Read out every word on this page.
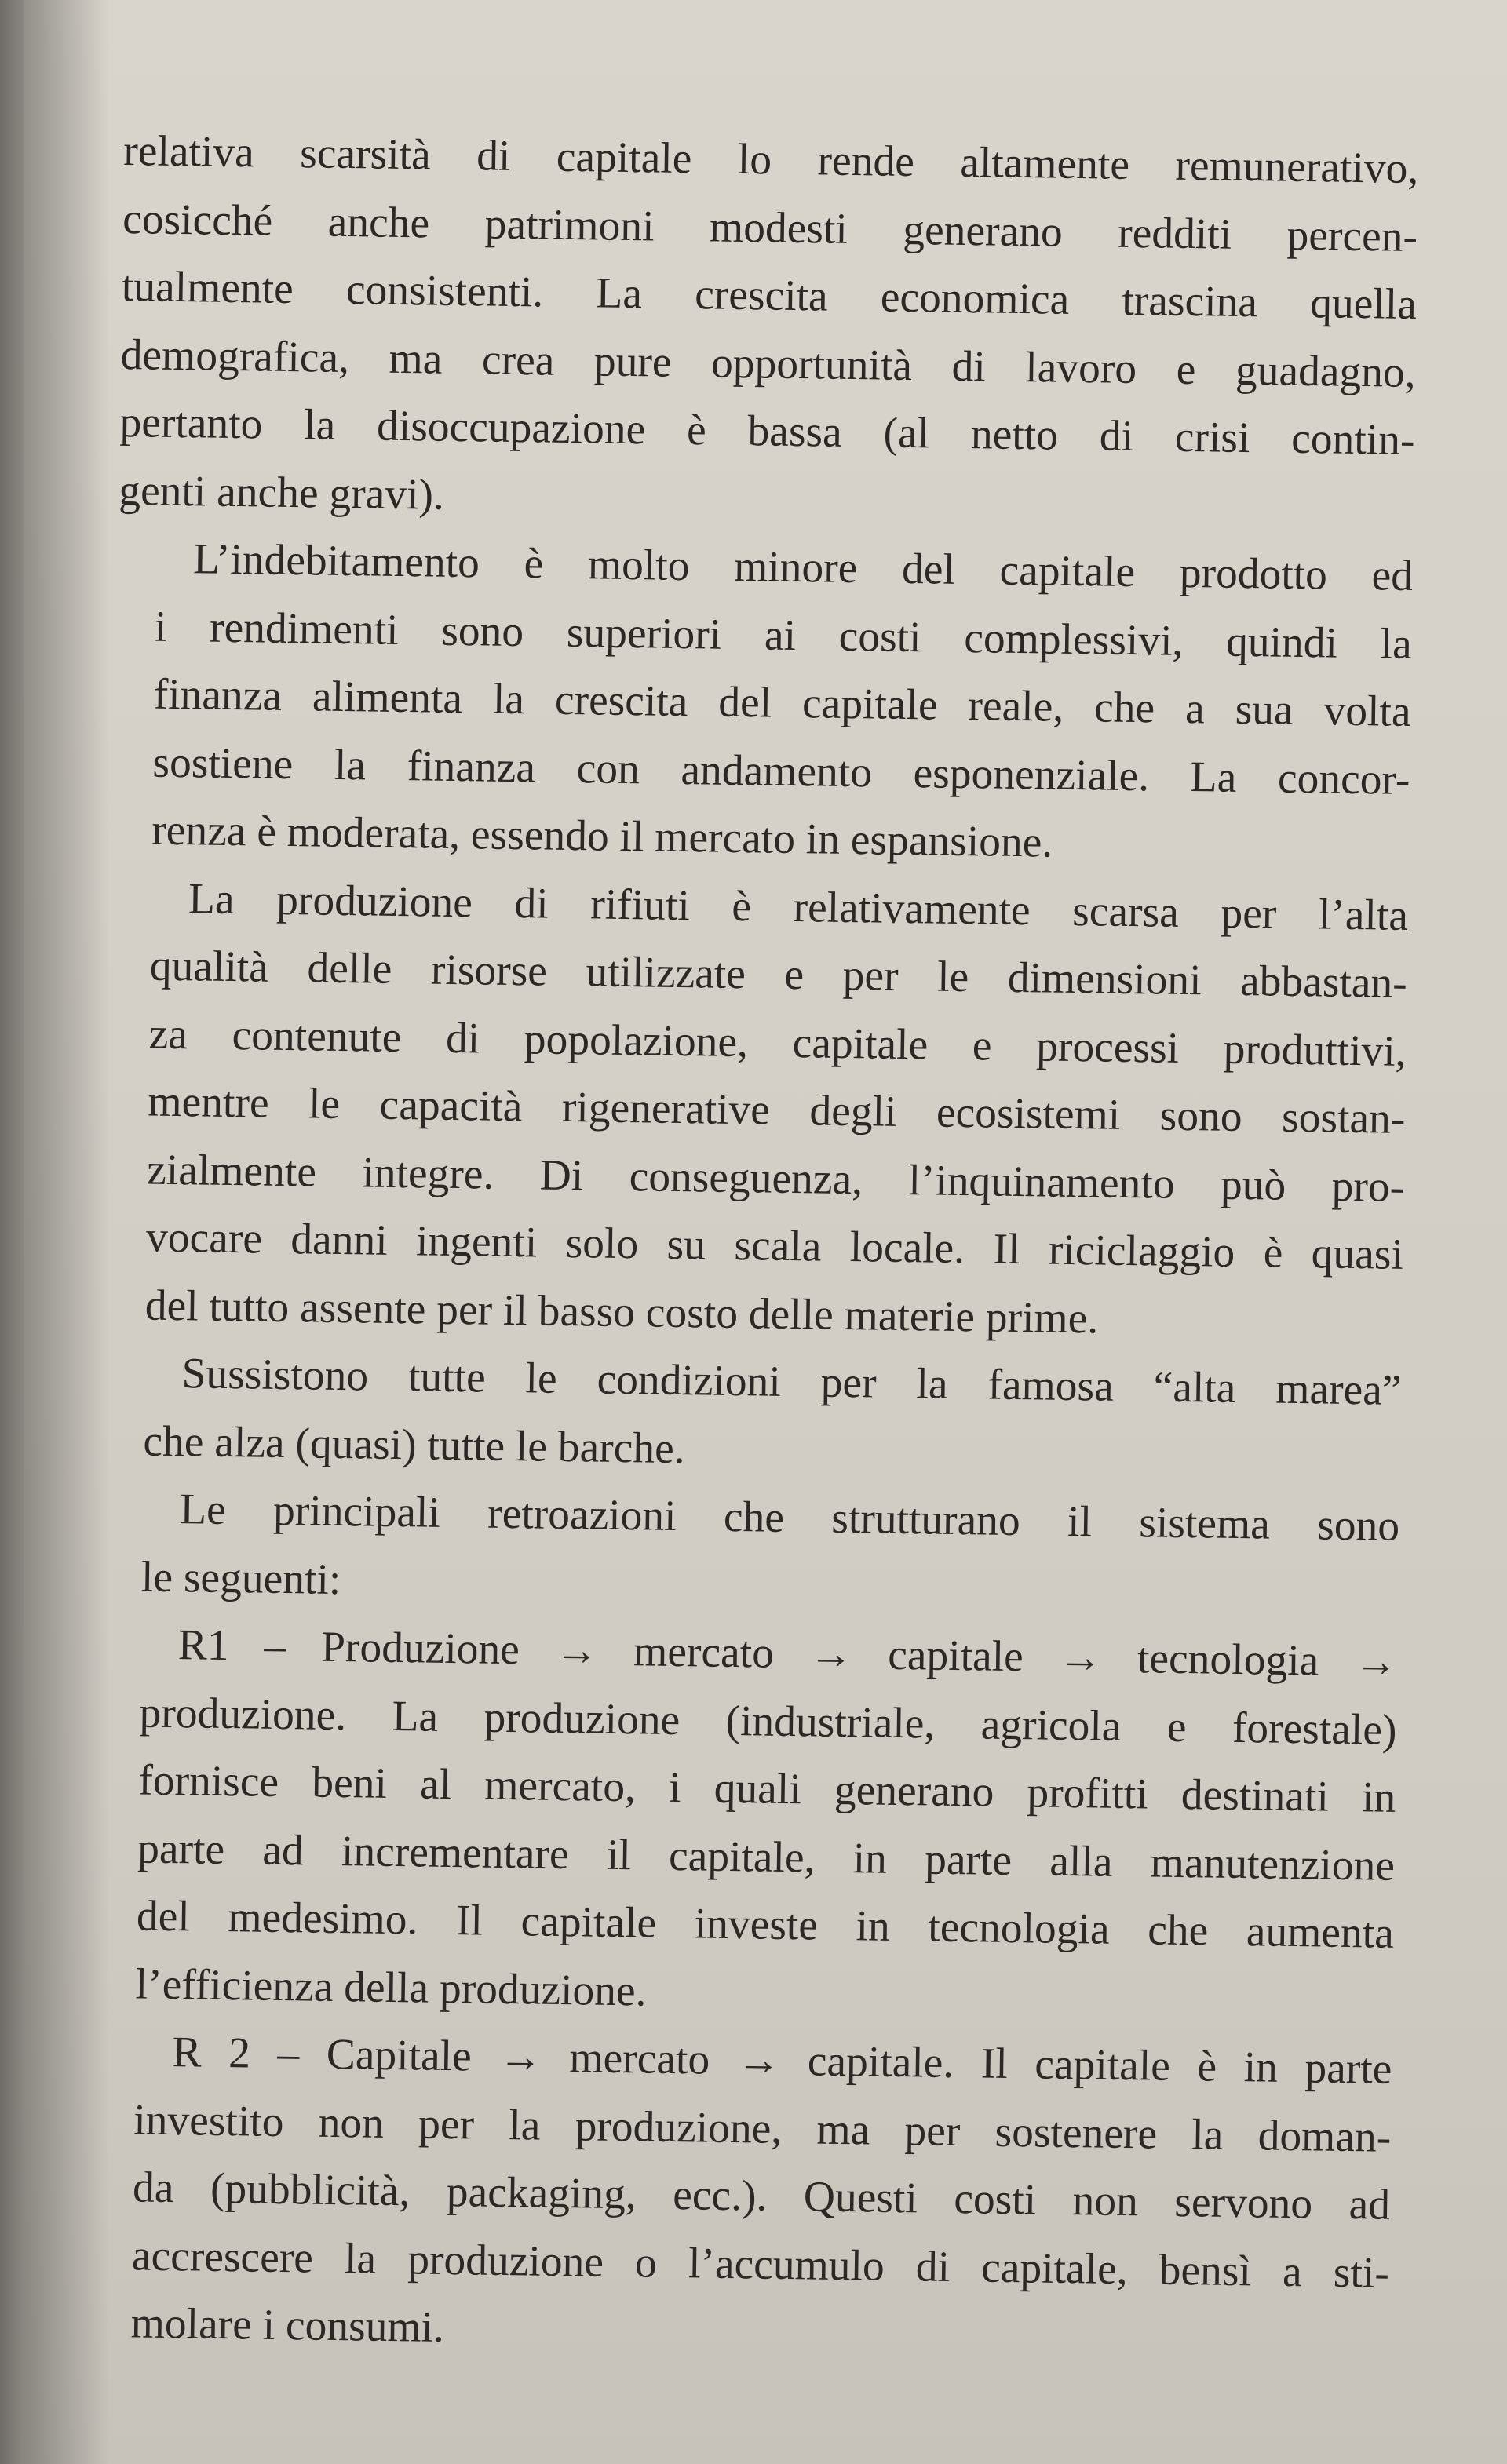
relativa scarsità di capitale lo rende altamente remunerativo,
cosicché anche patrimoni modesti generano redditi percen-
tualmente consistenti. La crescita economica trascina quella
demografica, ma crea pure opportunità di lavoro e guadagno,
pertanto la disoccupazione è bassa (al netto di crisi contin-
genti anche gravi).
L’indebitamento è molto minore del capitale prodotto ed
i rendimenti sono superiori ai costi complessivi, quindi la
finanza alimenta la crescita del capitale reale, che a sua volta
sostiene la finanza con andamento esponenziale. La concor-
renza è moderata, essendo il mercato in espansione.
La produzione di rifiuti è relativamente scarsa per l’alta
qualità delle risorse utilizzate e per le dimensioni abbastan-
za contenute di popolazione, capitale e processi produttivi,
mentre le capacità rigenerative degli ecosistemi sono sostan-
zialmente integre. Di conseguenza, l’inquinamento può pro-
vocare danni ingenti solo su scala locale. Il riciclaggio è quasi
del tutto assente per il basso costo delle materie prime.
Sussistono tutte le condizioni per la famosa “alta marea”
che alza (quasi) tutte le barche.
Le principali retroazioni che strutturano il sistema sono
le seguenti:
R1 – Produzione → mercato → capitale → tecnologia →
produzione. La produzione (industriale, agricola e forestale)
fornisce beni al mercato, i quali generano profitti destinati in
parte ad incrementare il capitale, in parte alla manutenzione
del medesimo. Il capitale investe in tecnologia che aumenta
l’efficienza della produzione.
R 2 – Capitale → mercato → capitale. Il capitale è in parte
investito non per la produzione, ma per sostenere la doman-
da (pubblicità, packaging, ecc.). Questi costi non servono ad
accrescere la produzione o l’accumulo di capitale, bensì a sti-
molare i consumi.
